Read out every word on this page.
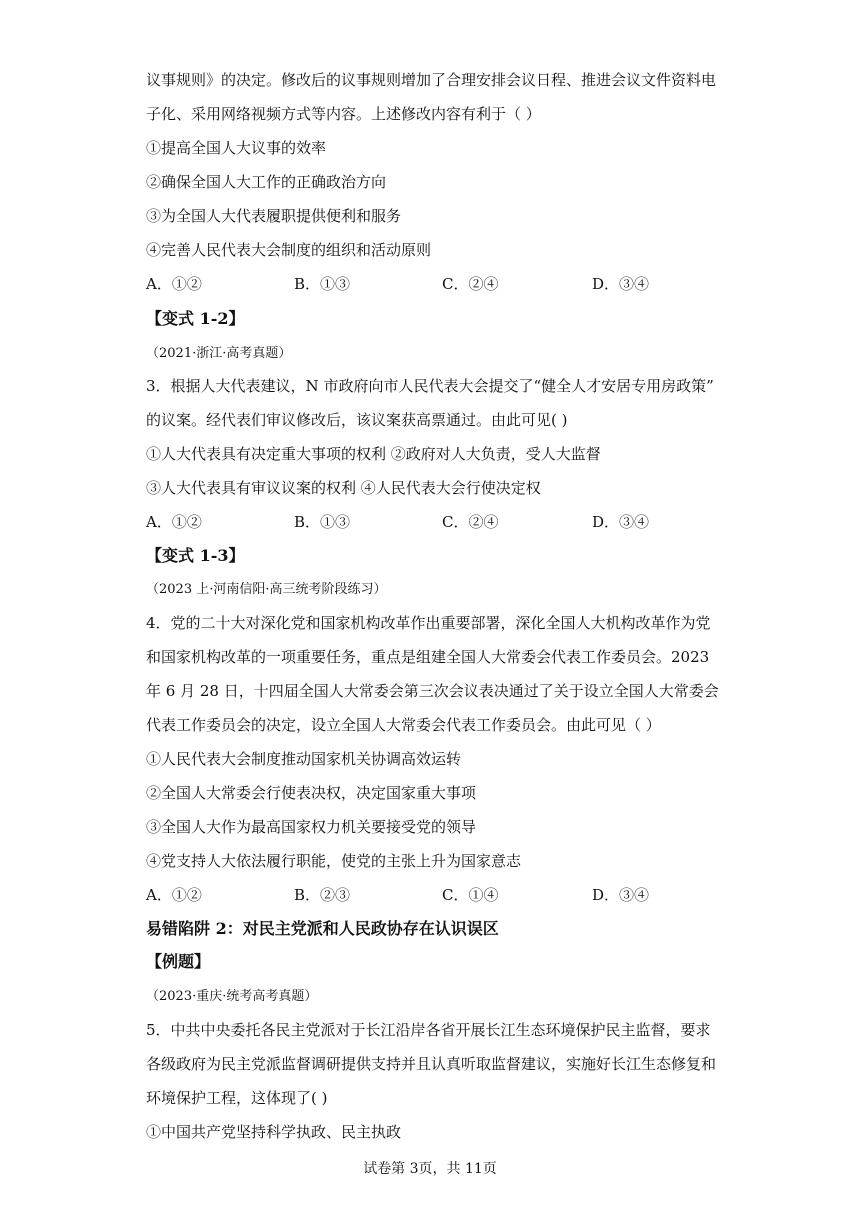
议事规则》的决定。修改后的议事规则增加了合理安排会议日程、推进会议文件资料电
子化、采用网络视频方式等内容。上述修改内容有利于（ ）
①提高全国人大议事的效率
②确保全国人大工作的正确政治方向
③为全国人大代表履职提供便利和服务
④完善人民代表大会制度的组织和活动原则
A．①②	B．①③	C．②④	D．③④
【变式 1-2】
（2021·浙江·高考真题）
3．根据人大代表建议，N 市政府向市人民代表大会提交了“健全人才安居专用房政策”
的议案。经代表们审议修改后，该议案获高票通过。由此可见( )
①人大代表具有决定重大事项的权利 ②政府对人大负责，受人大监督
③人大代表具有审议议案的权利 ④人民代表大会行使决定权
A．①②	B．①③	C．②④	D．③④
【变式 1-3】
（2023 上·河南信阳·高三统考阶段练习）
4．党的二十大对深化党和国家机构改革作出重要部署，深化全国人大机构改革作为党
和国家机构改革的一项重要任务，重点是组建全国人大常委会代表工作委员会。2023
年 6 月 28 日，十四届全国人大常委会第三次会议表决通过了关于设立全国人大常委会
代表工作委员会的决定，设立全国人大常委会代表工作委员会。由此可见（ ）
①人民代表大会制度推动国家机关协调高效运转
②全国人大常委会行使表决权，决定国家重大事项
③全国人大作为最高国家权力机关要接受党的领导
④党支持人大依法履行职能，使党的主张上升为国家意志
A．①②	B．②③	C．①④	D．③④
易错陷阱 2：对民主党派和人民政协存在认识误区
【例题】
（2023·重庆·统考高考真题）
5．中共中央委托各民主党派对于长江沿岸各省开展长江生态环境保护民主监督，要求
各级政府为民主党派监督调研提供支持并且认真听取监督建议，实施好长江生态修复和
环境保护工程，这体现了( )
①中国共产党坚持科学执政、民主执政
试卷第 3页，共 11页
